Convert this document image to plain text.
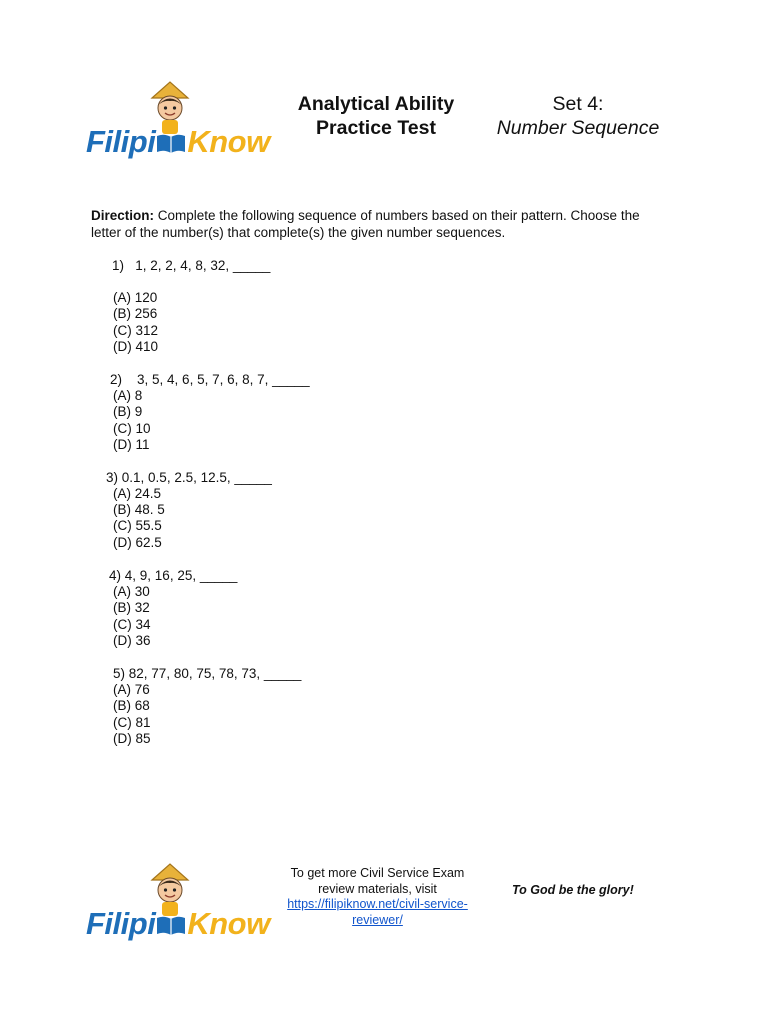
Filipi Know
Analytical Ability
Practice Test
Set 4:
Number Sequence
Direction: Complete the following sequence of numbers based on their pattern. Choose the letter of the number(s) that complete(s) the given number sequences.
1) 1, 2, 2, 4, 8, 32, _____
(A) 120
(B) 256
(C) 312
(D) 410
2) 3, 5, 4, 6, 5, 7, 6, 8, 7, _____
(A) 8
(B) 9
(C) 10
(D) 11
3) 0.1, 0.5, 2.5, 12.5, _____
(A) 24.5
(B) 48. 5
(C) 55.5
(D) 62.5
4) 4, 9, 16, 25, _____
(A) 30
(B) 32
(C) 34
(D) 36
5) 82, 77, 80, 75, 78, 73, _____
(A) 76
(B) 68
(C) 81
(D) 85
Filipi Know
To get more Civil Service Exam
review materials, visit
https://filipiknow.net/civil-service-
reviewer/
To God be the glory!
